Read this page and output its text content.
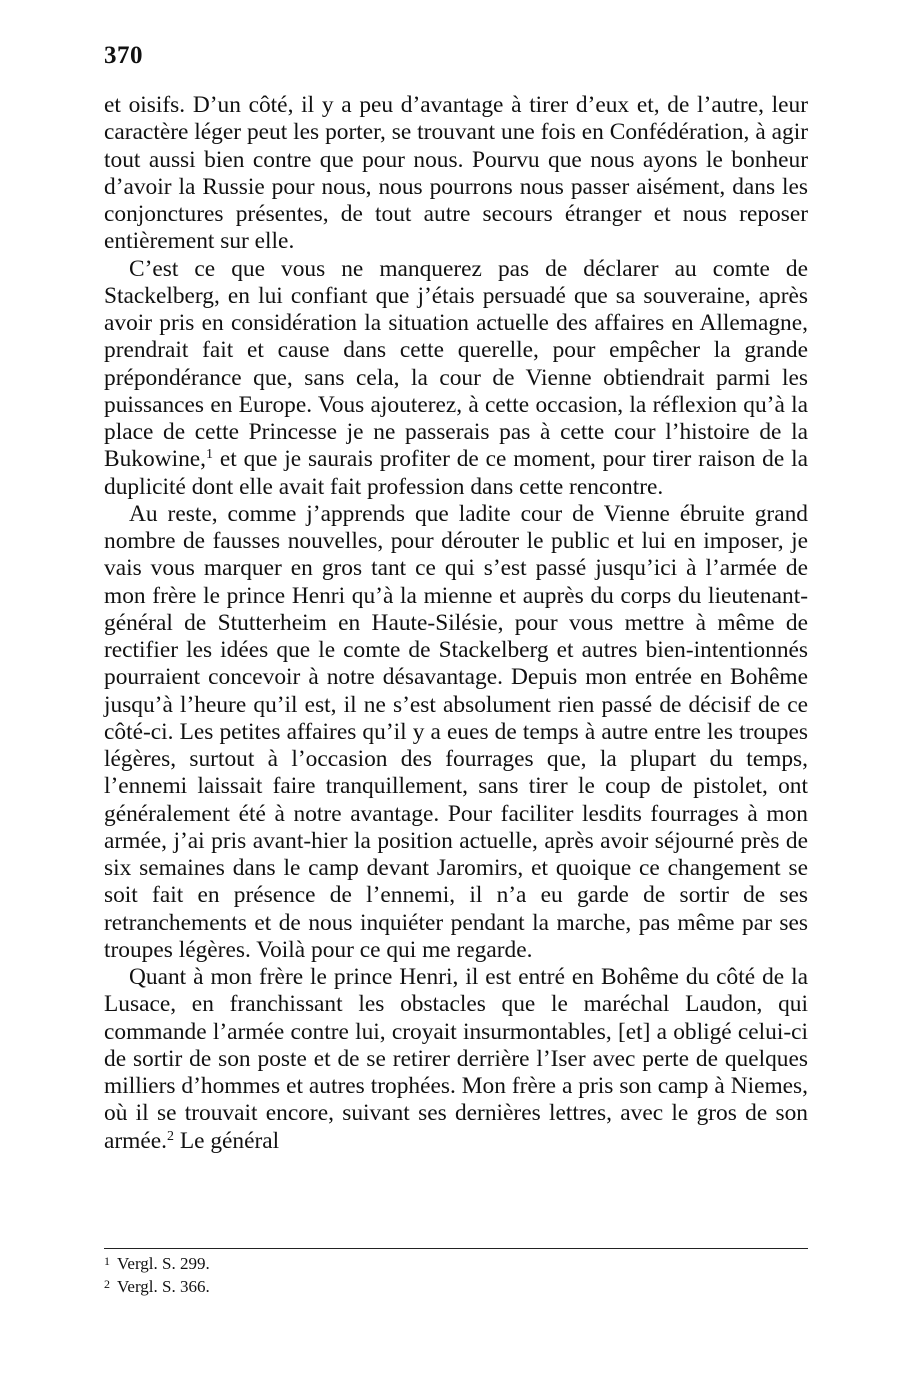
370

et oisifs. D’un côté, il y a peu d’avantage à tirer d’eux et, de l’autre, leur caractère léger peut les porter, se trouvant une fois en Confédération, à agir tout aussi bien contre que pour nous. Pourvu que nous ayons le bonheur d’avoir la Russie pour nous, nous pourrons nous passer aisément, dans les conjonctures présentes, de tout autre secours étranger et nous reposer entièrement sur elle.

C’est ce que vous ne manquerez pas de déclarer au comte de Stackelberg, en lui confiant que j’étais persuadé que sa souveraine, après avoir pris en considération la situation actuelle des affaires en Allemagne, prendrait fait et cause dans cette querelle, pour empêcher la grande prépondérance que, sans cela, la cour de Vienne obtiendrait parmi les puissances en Europe. Vous ajouterez, à cette occasion, la réflexion qu’à la place de cette Princesse je ne passerais pas à cette cour l’histoire de la Bukowine,$^1$ et que je saurais profiter de ce moment, pour tirer raison de la duplicité dont elle avait fait profession dans cette rencontre.

Au reste, comme j’apprends que ladite cour de Vienne ébruite grand nombre de fausses nouvelles, pour dérouter le public et lui en imposer, je vais vous marquer en gros tant ce qui s’est passé jusqu’ici à l’armée de mon frère le prince Henri qu’à la mienne et auprès du corps du lieutenant-général de Stutterheim en Haute-Silésie, pour vous mettre à même de rectifier les idées que le comte de Stackelberg et autres bien-intentionnés pourraient concevoir à notre désavantage. Depuis mon entrée en Bohême jusqu’à l’heure qu’il est, il ne s’est absolument rien passé de décisif de ce côté-ci. Les petites affaires qu’il y a eues de temps à autre entre les troupes légères, surtout à l’occasion des fourrages que, la plupart du temps, l’ennemi laissait faire tranquillement, sans tirer le coup de pistolet, ont généralement été à notre avantage. Pour faciliter lesdits fourrages à mon armée, j’ai pris avant-hier la position actuelle, après avoir séjourné près de six semaines dans le camp devant Jaromirs, et quoique ce changement se soit fait en présence de l’ennemi, il n’a eu garde de sortir de ses retranchements et de nous inquiéter pendant la marche, pas même par ses troupes légères. Voilà pour ce qui me regarde.

Quant à mon frère le prince Henri, il est entré en Bohême du côté de la Lusace, en franchissant les obstacles que le maréchal Laudon, qui commande l’armée contre lui, croyait insurmontables, [et] a obligé celui-ci de sortir de son poste et de se retirer derrière l’Iser avec perte de quelques milliers d’hommes et autres trophées. Mon frère a pris son camp à Niemes, où il se trouvait encore, suivant ses dernières lettres, avec le gros de son armée.$^2$ Le général

$^1$ Vergl. S. 299.
$^2$ Vergl. S. 366.
